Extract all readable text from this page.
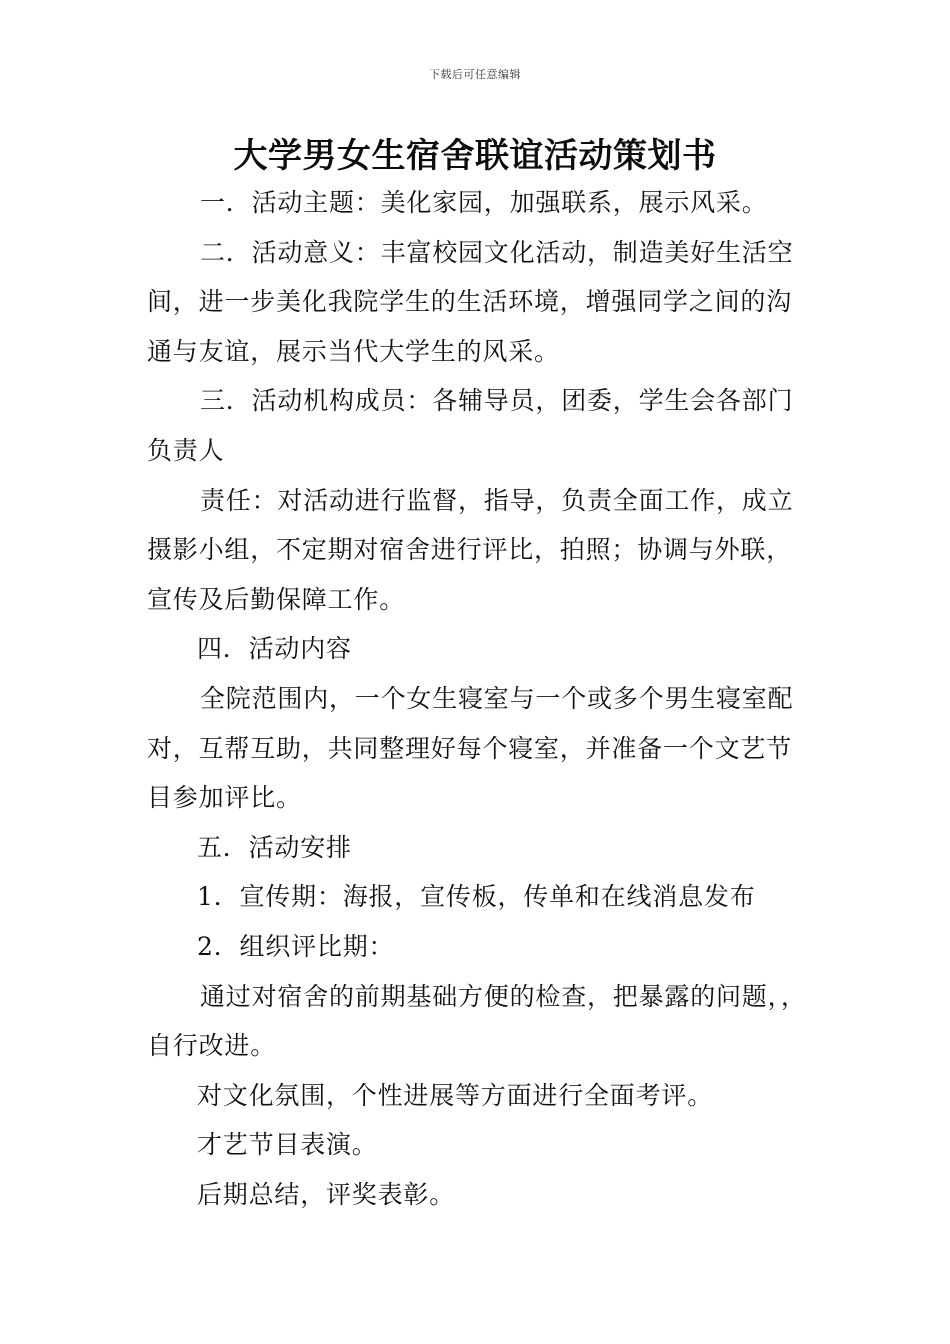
下载后可任意编辑
大学男女生宿舍联谊活动策划书

一．活动主题：美化家园，加强联系，展示风采。

二．活动意义：丰富校园文化活动，制造美好生活空
间，进一步美化我院学生的生活环境，增强同学之间的沟
通与友谊，展示当代大学生的风采。

三．活动机构成员：各辅导员，团委，学生会各部门
负责人

责任：对活动进行监督，指导，负责全面工作，成立
摄影小组，不定期对宿舍进行评比，拍照；协调与外联，
宣传及后勤保障工作。

四．活动内容

全院范围内，一个女生寝室与一个或多个男生寝室配
对，互帮互助，共同整理好每个寝室，并准备一个文艺节
目参加评比。

五．活动安排

1．宣传期：海报，宣传板，传单和在线消息发布

2．组织评比期：

通过对宿舍的前期基础方便的检查，把暴露的问题，，
自行改进。

对文化氛围，个性进展等方面进行全面考评。

才艺节目表演。

后期总结，评奖表彰。
